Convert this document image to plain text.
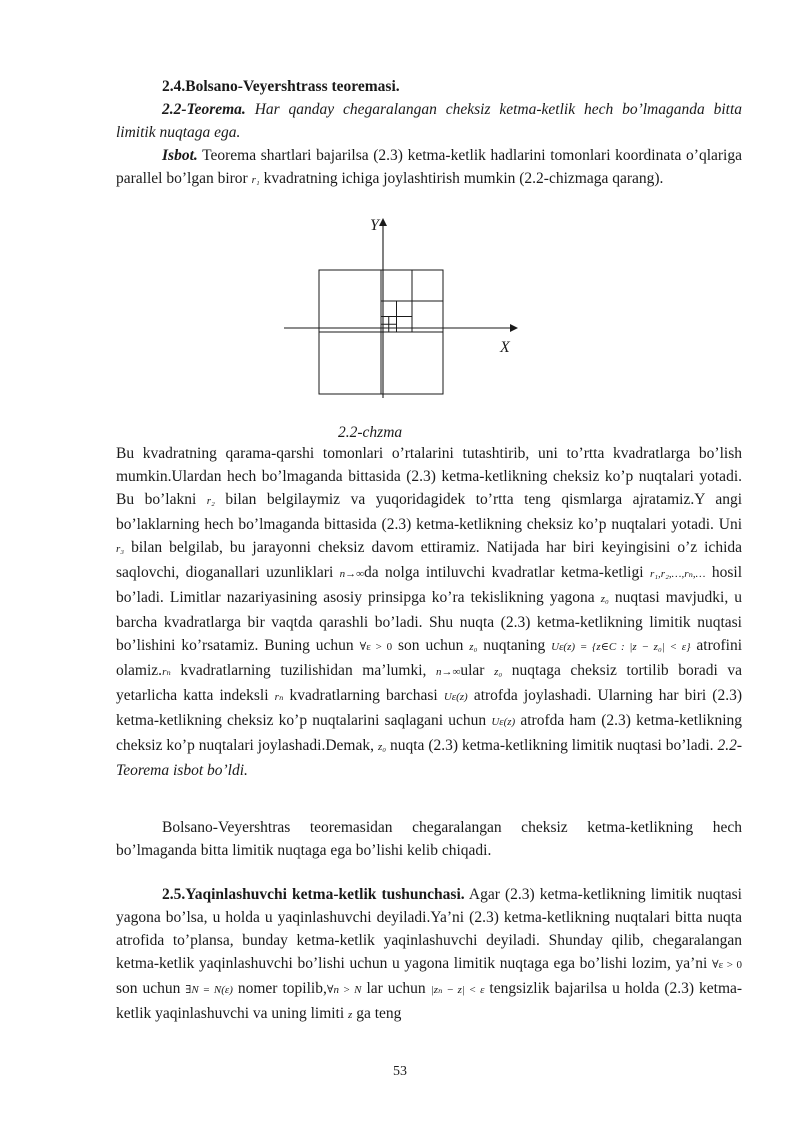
2.4.Bolsano-Veyershtrass teoremasi.

2.2-Teorema. Har qanday chegaralangan cheksiz ketma-ketlik hech bo’lmaganda bitta limitik nuqtaga ega.

Isbot. Teorema shartlari bajarilsa (2.3) ketma-ketlik hadlarini tomonlari koordinata o’qlariga parallel bo’lgan biror r₁ kvadratning ichiga joylashtirish mumkin (2.2-chizmaga qarang).

Y
X
2.2-chzma

Bu kvadratning qarama-qarshi tomonlari o’rtalarini tutashtirib, uni to’rtta kvadratlarga bo’lish mumkin.Ulardan hech bo’lmaganda bittasida (2.3) ketma-ketlikning cheksiz ko’p nuqtalari yotadi. Bu bo’lakni r₂ bilan belgilaymiz va yuqoridagidek to’rtta teng qismlarga ajratamiz.Y angi bo’laklarning hech bo’lmaganda bittasida (2.3) ketma-ketlikning cheksiz ko’p nuqtalari yotadi. Uni r₃ bilan belgilab, bu jarayonni cheksiz davom ettiramiz. Natijada har biri keyingisini o’z ichida saqlovchi, dioganallari uzunliklari n→∞da nolga intiluvchi kvadratlar ketma-ketligi r₁,r₂,…,rₙ,… hosil bo’ladi. Limitlar nazariyasining asosiy prinsipga ko’ra tekislikning yagona z₀ nuqtasi mavjudki, u barcha kvadratlarga bir vaqtda qarashli bo’ladi. Shu nuqta (2.3) ketma-ketlikning limitik nuqtasi bo’lishini ko’rsatamiz. Buning uchun ∀ε > 0 son uchun z₀ nuqtaning Uε(z) = {z∈C : |z − z₀| < ε} atrofini olamiz.rₙ kvadratlarning tuzilishidan ma’lumki, n→∞ular z₀ nuqtaga cheksiz tortilib boradi va yetarlicha katta indeksli rₙ kvadratlarning barchasi Uε(z) atrofda joylashadi. Ularning har biri (2.3) ketma-ketlikning cheksiz ko’p nuqtalarini saqlagani uchun Uε(z) atrofda ham (2.3) ketma-ketlikning cheksiz ko’p nuqtalari joylashadi.Demak, z₀ nuqta (2.3) ketma-ketlikning limitik nuqtasi bo’ladi. 2.2-Teorema isbot bo’ldi.

Bolsano-Veyershtras teoremasidan chegaralangan cheksiz ketma-ketlikning hech bo’lmaganda bitta limitik nuqtaga ega bo’lishi kelib chiqadi.

2.5.Yaqinlashuvchi ketma-ketlik tushunchasi. Agar (2.3) ketma-ketlikning limitik nuqtasi yagona bo’lsa, u holda u yaqinlashuvchi deyiladi.Ya’ni (2.3) ketma-ketlikning nuqtalari bitta nuqta atrofida to’plansa, bunday ketma-ketlik yaqinlashuvchi deyiladi. Shunday qilib, chegaralangan ketma-ketlik yaqinlashuvchi bo’lishi uchun u yagona limitik nuqtaga ega bo’lishi lozim, ya’ni ∀ε > 0 son uchun ∃N = N(ε) nomer topilib,∀n > N lar uchun |zₙ − z| < ε tengsizlik bajarilsa u holda (2.3) ketma-ketlik yaqinlashuvchi va uning limiti z ga teng

53
